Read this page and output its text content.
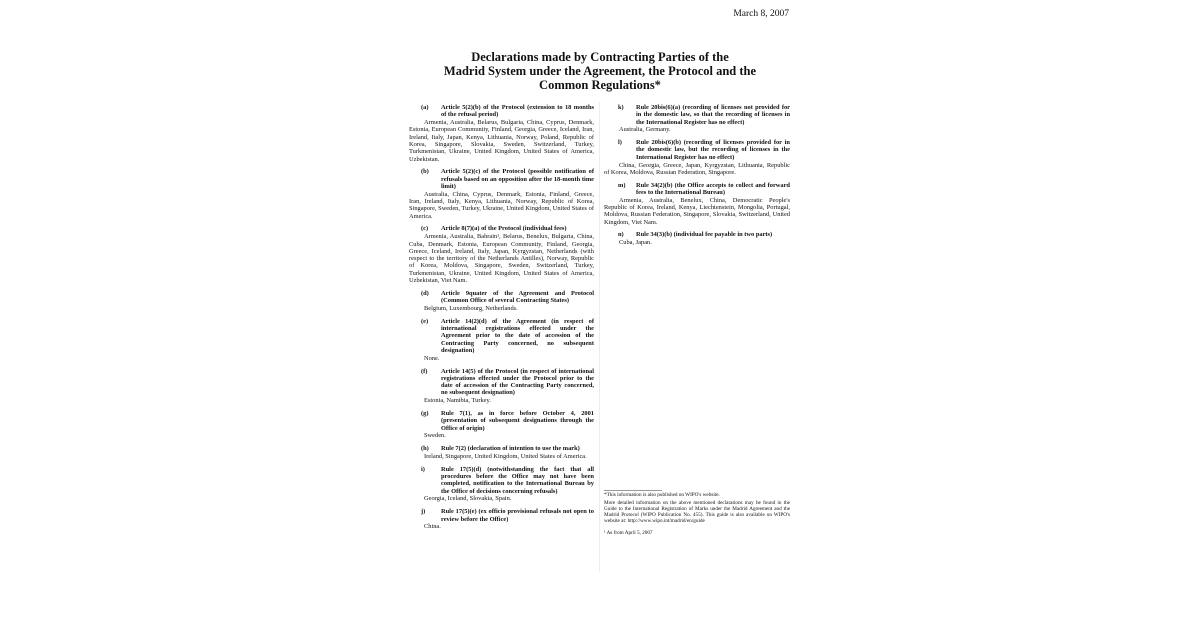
March 8, 2007
Declarations made by Contracting Parties of the
Madrid System under the Agreement, the Protocol and the
Common Regulations*
(a)	Article 5(2)(b) of the Protocol (extension to 18 months of the refusal period)
Armenia, Australia, Belarus, Bulgaria, China, Cyprus, Denmark, Estonia, European Community, Finland, Georgia, Greece, Iceland, Iran, Ireland, Italy, Japan, Kenya, Lithuania, Norway, Poland, Republic of Korea, Singapore, Slovakia, Sweden, Switzerland, Turkey, Turkmenistan, Ukraine, United Kingdom, United States of America, Uzbekistan.
(b)	Article 5(2)(c) of the Protocol (possible notification of refusals based on an opposition after the 18-month time limit)
Australia, China, Cyprus, Denmark, Estonia, Finland, Greece, Iran, Ireland, Italy, Kenya, Lithuania, Norway, Republic of Korea, Singapore, Sweden, Turkey, Ukraine, United Kingdom, United States of America.
(c)	Article 8(7)(a) of the Protocol (individual fees)
Armenia, Australia, Bahrain¹, Belarus, Benelux, Bulgaria, China, Cuba, Denmark, Estonia, European Community, Finland, Georgia, Greece, Iceland, Ireland, Italy, Japan, Kyrgyzstan, Netherlands (with respect to the territory of the Netherlands Antilles), Norway, Republic of Korea, Moldova, Singapore, Sweden, Switzerland, Turkey, Turkmenistan, Ukraine, United Kingdom, United States of America, Uzbekistan, Viet Nam.
(d)	Article 9quater of the Agreement and Protocol (Common Office of several Contracting States)
Belgium, Luxembourg, Netherlands.
(e)	Article 14(2)(d) of the Agreement (in respect of international registrations effected under the Agreement prior to the date of accession of the Contracting Party concerned, no subsequent designation)
None.
(f)	Article 14(5) of the Protocol (in respect of international registrations effected under the Protocol prior to the date of accession of the Contracting Party concerned, no subsequent designation)
Estonia, Namibia, Turkey.
(g)	Rule 7(1), as in force before October 4, 2001 (presentation of subsequent designations through the Office of origin)
Sweden.
(h)	Rule 7(2) (declaration of intention to use the mark)
Ireland, Singapore, United Kingdom, United States of America.
i)	Rule 17(5)(d) (notwithstanding the fact that all procedures before the Office may not have been completed, notification to the International Bureau by the Office of decisions concerning refusals)
Georgia, Iceland, Slovakia, Spain.
j)	Rule 17(5)(e) (ex officio provisional refusals not open to review before the Office)
China.
k)	Rule 20bis(6)(a) (recording of licenses not provided for in the domestic law, so that the recording of licenses in the International Register has no effect)
Australia, Germany.
l)	Rule 20bis(6)(b) (recording of licenses provided for in the domestic law, but the recording of licenses in the International Register has no effect)
China, Georgia, Greece, Japan, Kyrgyzstan, Lithuania, Republic of Korea, Moldova, Russian Federation, Singapore.
m)	Rule 34(2)(b) (the Office accepts to collect and forward fees to the International Bureau)
Armenia, Australia, Benelux, China, Democratic People's Republic of Korea, Ireland, Kenya, Liechtenstein, Mongolia, Portugal, Moldova, Russian Federation, Singapore, Slovakia, Switzerland, United Kingdom, Viet Nam.
n)	Rule 34(3)(b) (individual fee payable in two parts)
Cuba, Japan.

*This information is also published on WIPO's website.

More detailed information on the above mentioned declarations may be found in the Guide to the International Registration of Marks under the Madrid Agreement and the Madrid Protocol (WIPO Publication No. 455). This guide is also available on WIPO's website at: http://www.wipo.int/madrid/en/guide

¹ As from April 5, 2007
